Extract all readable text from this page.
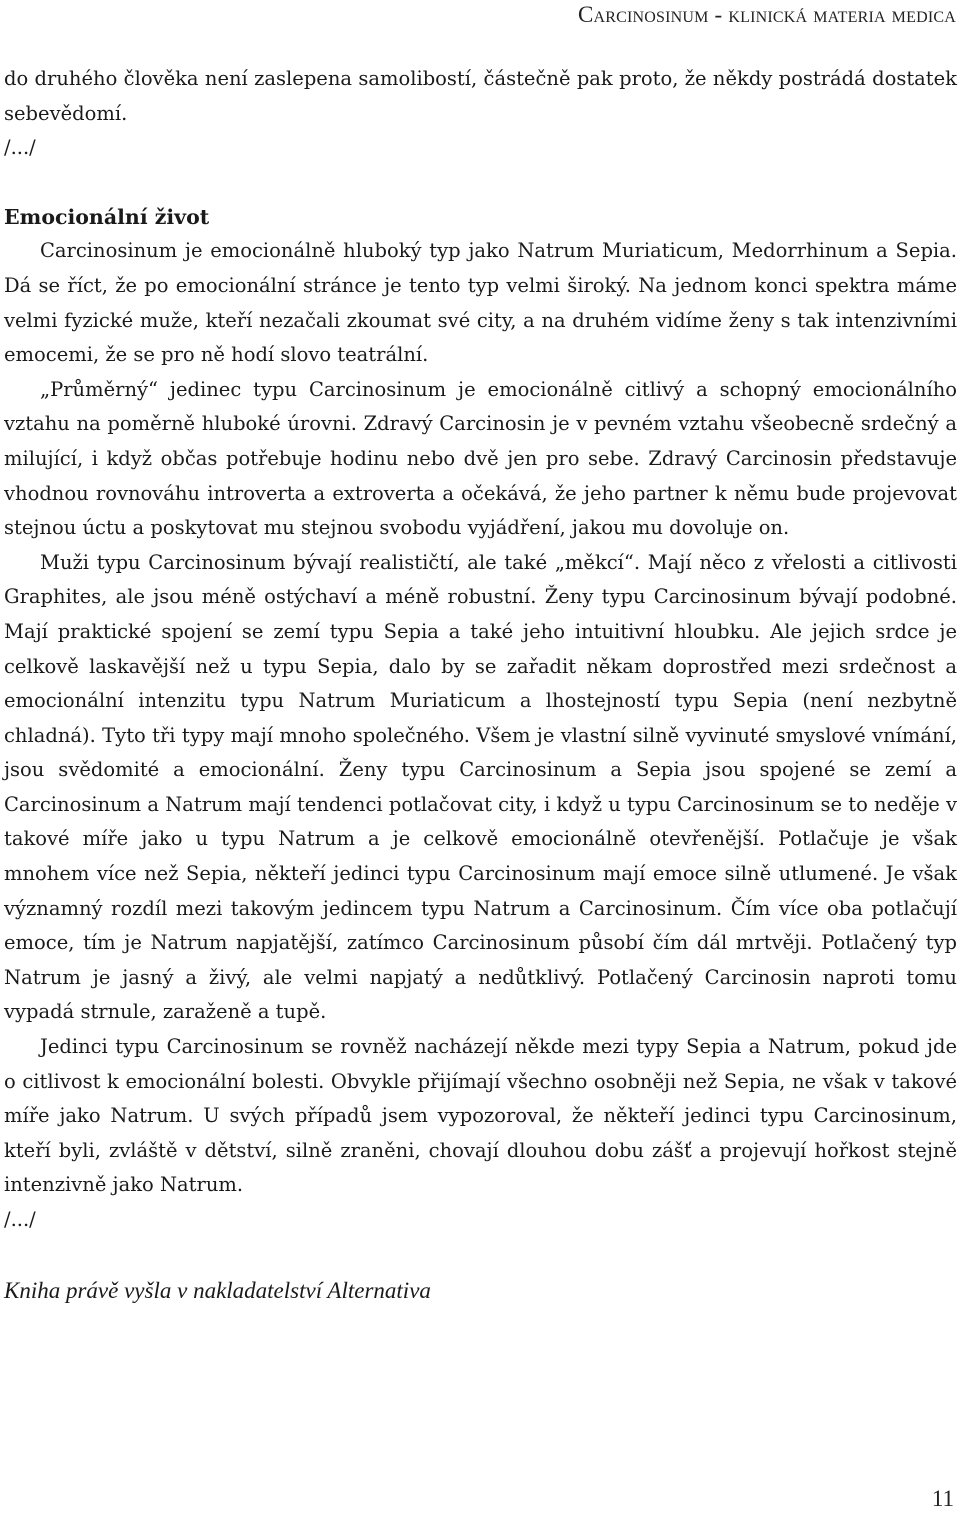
Carcinosinum - klinická materia medica

do druhého člověka není zaslepena samolibostí, částečně pak proto, že někdy postrádá dostatek sebevědomí.

/.../

Emocionální život

Carcinosinum je emocionálně hluboký typ jako Natrum Muriaticum, Medorrhinum a Sepia. Dá se říct, že po emocionální stránce je tento typ velmi široký. Na jednom konci spektra máme velmi fyzické muže, kteří nezačali zkoumat své city, a na druhém vidíme ženy s tak intenzivními emocemi, že se pro ně hodí slovo teatrální.

„Průměrný“ jedinec typu Carcinosinum je emocionálně citlivý a schopný emocionálního vztahu na poměrně hluboké úrovni. Zdravý Carcinosin je v pevném vztahu všeobecně srdečný a milující, i když občas potřebuje hodinu nebo dvě jen pro sebe. Zdravý Carcinosin představuje vhodnou rovnováhu introverta a extroverta a očekává, že jeho partner k němu bude projevovat stejnou úctu a poskytovat mu stejnou svobodu vyjádření, jakou mu dovoluje on.

Muži typu Carcinosinum bývají realističtí, ale také „měkcí“. Mají něco z vřelosti a citlivosti Graphites, ale jsou méně ostýchaví a méně robustní. Ženy typu Carcinosinum bývají podobné. Mají praktické spojení se zemí typu Sepia a také jeho intuitivní hloubku. Ale jejich srdce je celkově laskavější než u typu Sepia, dalo by se zařadit někam doprostřed mezi srdečnost a emocionální intenzitu typu Natrum Muriaticum a lhostejností typu Sepia (není nezbytně chladná). Tyto tři typy mají mnoho společného. Všem je vlastní silně vyvinuté smyslové vnímání, jsou svědomité a emocionální. Ženy typu Carcinosinum a Sepia jsou spojené se zemí a Carcinosinum a Natrum mají tendenci potlačovat city, i když u typu Carcinosinum se to neděje v takové míře jako u typu Natrum a je celkově emocionálně otevřenější. Potlačuje je však mnohem více než Sepia, někteří jedinci typu Carcinosinum mají emoce silně utlumené. Je však významný rozdíl mezi takovým jedincem typu Natrum a Carcinosinum. Čím více oba potlačují emoce, tím je Natrum napjatější, zatímco Carcinosinum působí čím dál mrtvěji. Potlačený typ Natrum je jasný a živý, ale velmi napjatý a nedůtklivý. Potlačený Carcinosin naproti tomu vypadá strnule, zaraženě a tupě.

Jedinci typu Carcinosinum se rovněž nacházejí někde mezi typy Sepia a Natrum, pokud jde o citlivost k emocionální bolesti. Obvykle přijímají všechno osobněji než Sepia, ne však v takové míře jako Natrum. U svých případů jsem vypozoroval, že někteří jedinci typu Carcinosinum, kteří byli, zvláště v dětství, silně zraněni, chovají dlouhou dobu zášť a projevují hořkost stejně intenzivně jako Natrum.

/.../

Kniha právě vyšla v nakladatelství Alternativa
11
